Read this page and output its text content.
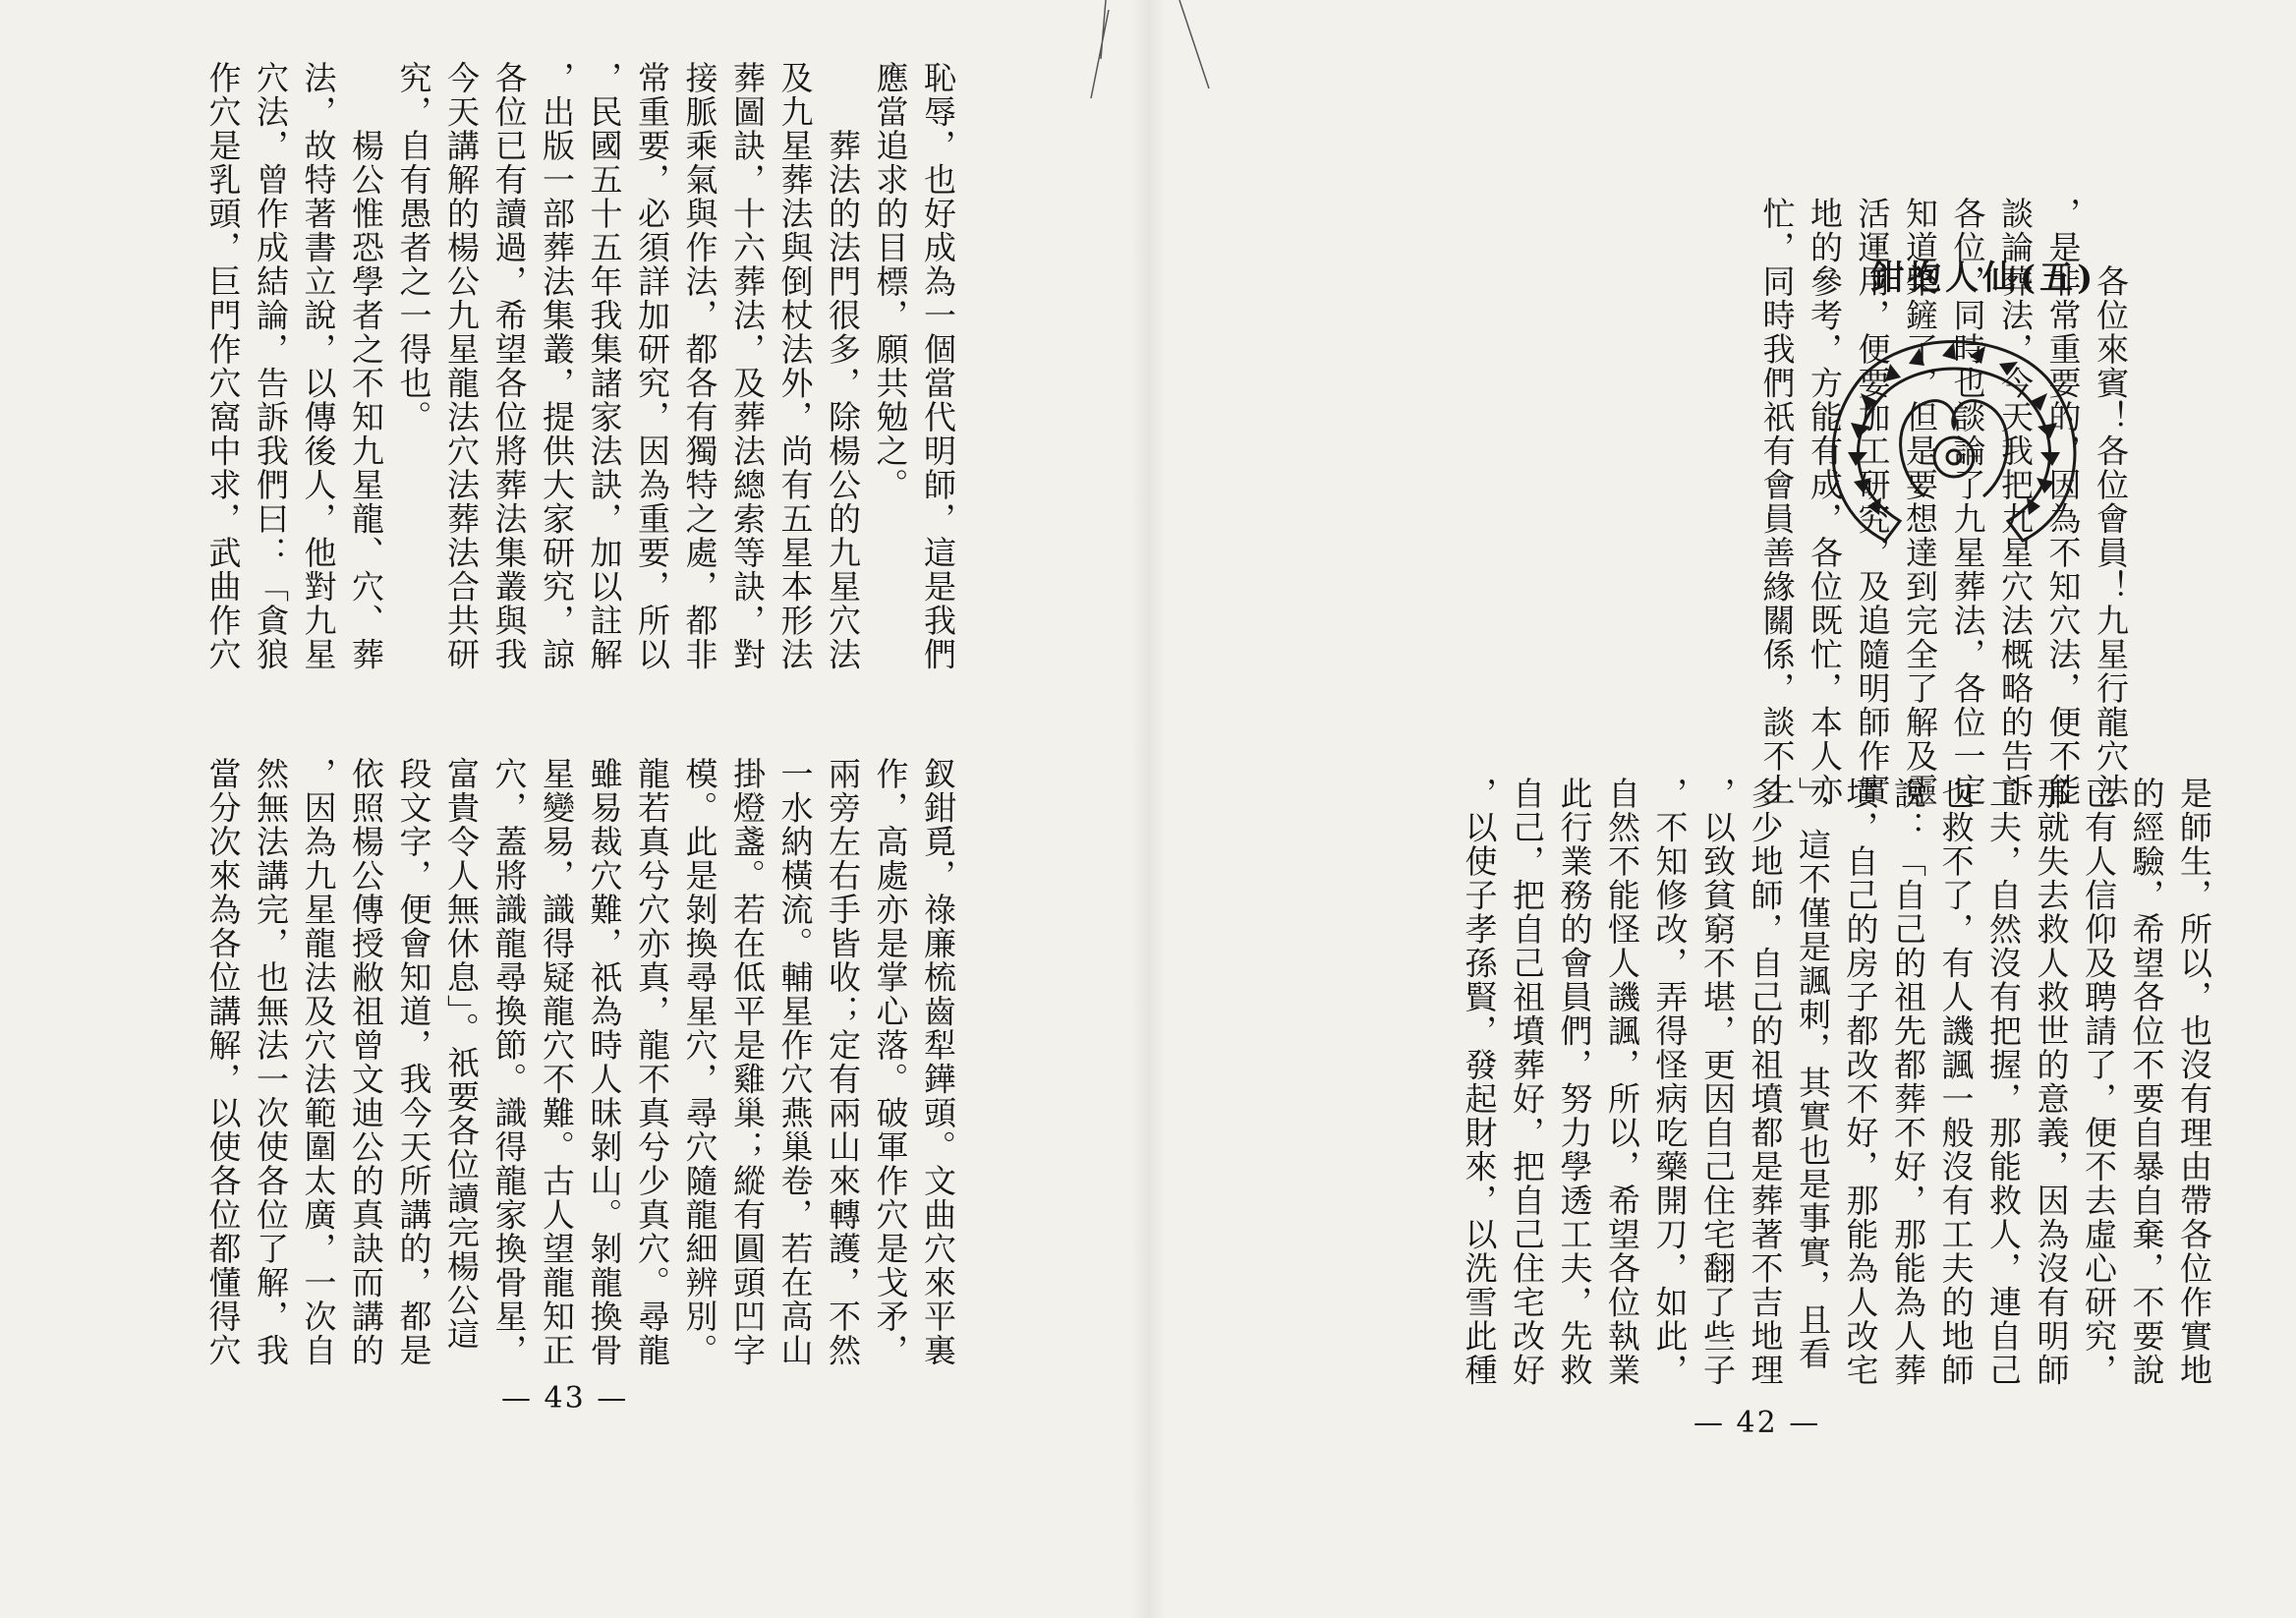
恥辱，也好成為一個當代明師，這是我們
應當追求的目標，願共勉之。
　　葬法的法門很多，除楊公的九星穴法
及九星葬法與倒杖法外，尚有五星本形法
葬圖訣，十六葬法，及葬法總索等訣，對
接脈乘氣與作法，都各有獨特之處，都非
常重要，必須詳加研究，因為重要，所以
，民國五十五年我集諸家法訣，加以註解
，出版一部葬法集叢，提供大家研究，諒
各位已有讀過，希望各位將葬法集叢與我
今天講解的楊公九星龍法穴法葬法合共研
究，自有愚者之一得也。
　　楊公惟恐學者之不知九星龍、穴、葬
法，故特著書立說，以傳後人，他對九星
穴法，曾作成結論，告訴我們曰：「貪狼
作穴是乳頭，巨門作穴窩中求，武曲作穴
釵鉗覓，祿廉梳齒犁鏵頭。文曲穴來平裏
作，高處亦是掌心落。破軍作穴是戈矛，
兩旁左右手皆收；定有兩山來轉護，不然
一水納橫流。輔星作穴燕巢卷，若在高山
掛燈盞。若在低平是雞巢；縱有圓頭凹字
模。此是剝換尋星穴，尋穴隨龍細辨別。
龍若真兮穴亦真，龍不真兮少真穴。尋龍
雖易裁穴難，祇為時人昧剝山。剝龍換骨
星變易，識得疑龍穴不難。古人望龍知正
穴，蓋將識龍尋換節。識得龍家換骨星，
富貴令人無休息」。祇要各位讀完楊公這
段文字，便會知道，我今天所講的，都是
依照楊公傳授敝祖曾文迪公的真訣而講的
，因為九星龍法及穴法範圍太廣，一次自
然無法講完，也無法一次使各位了解，我
當分次來為各位講解，以使各位都懂得穴
— 43 —
鉗抱人仙(五)
　　各位來賓！各位會員！九星行龍穴法
，是非常重要的，因為不知穴法，便不能
談論葬法，今天我把九星穴法概略的告訴
各位，同時也談論了九星葬法，各位一定
知道棨鏟了，但是要想達到完全了解及靈
活運用，便要加工研究，及追隨明師作實
地的參考，方能有成，各位既忙，本人亦
忙，同時我們祇有會員善緣關係，談不上
是師生，所以，也沒有理由帶各位作實地
的經驗，希望各位不要自暴自棄，不要說
已有人信仰及聘請了，便不去虛心研究，
那就失去救人救世的意義，因為沒有明師
工夫，自然沒有把握，那能救人，連自己
也救不了，有人譏諷一般沒有工夫的地師
說：「自己的祖先都葬不好，那能為人葬
墳，自己的房子都改不好，那能為人改宅
」，這不僅是諷刺，其實也是事實，且看
多少地師，自己的祖墳都是葬著不吉地理
，以致貧窮不堪，更因自己住宅翻了些子
，不知修改，弄得怪病吃藥開刀，如此，
自然不能怪人譏諷，所以，希望各位執業
此行業務的會員們，努力學透工夫，先救
自己，把自己祖墳葬好，把自己住宅改好
，以使子孝孫賢，發起財來，以洗雪此種
— 42 —
